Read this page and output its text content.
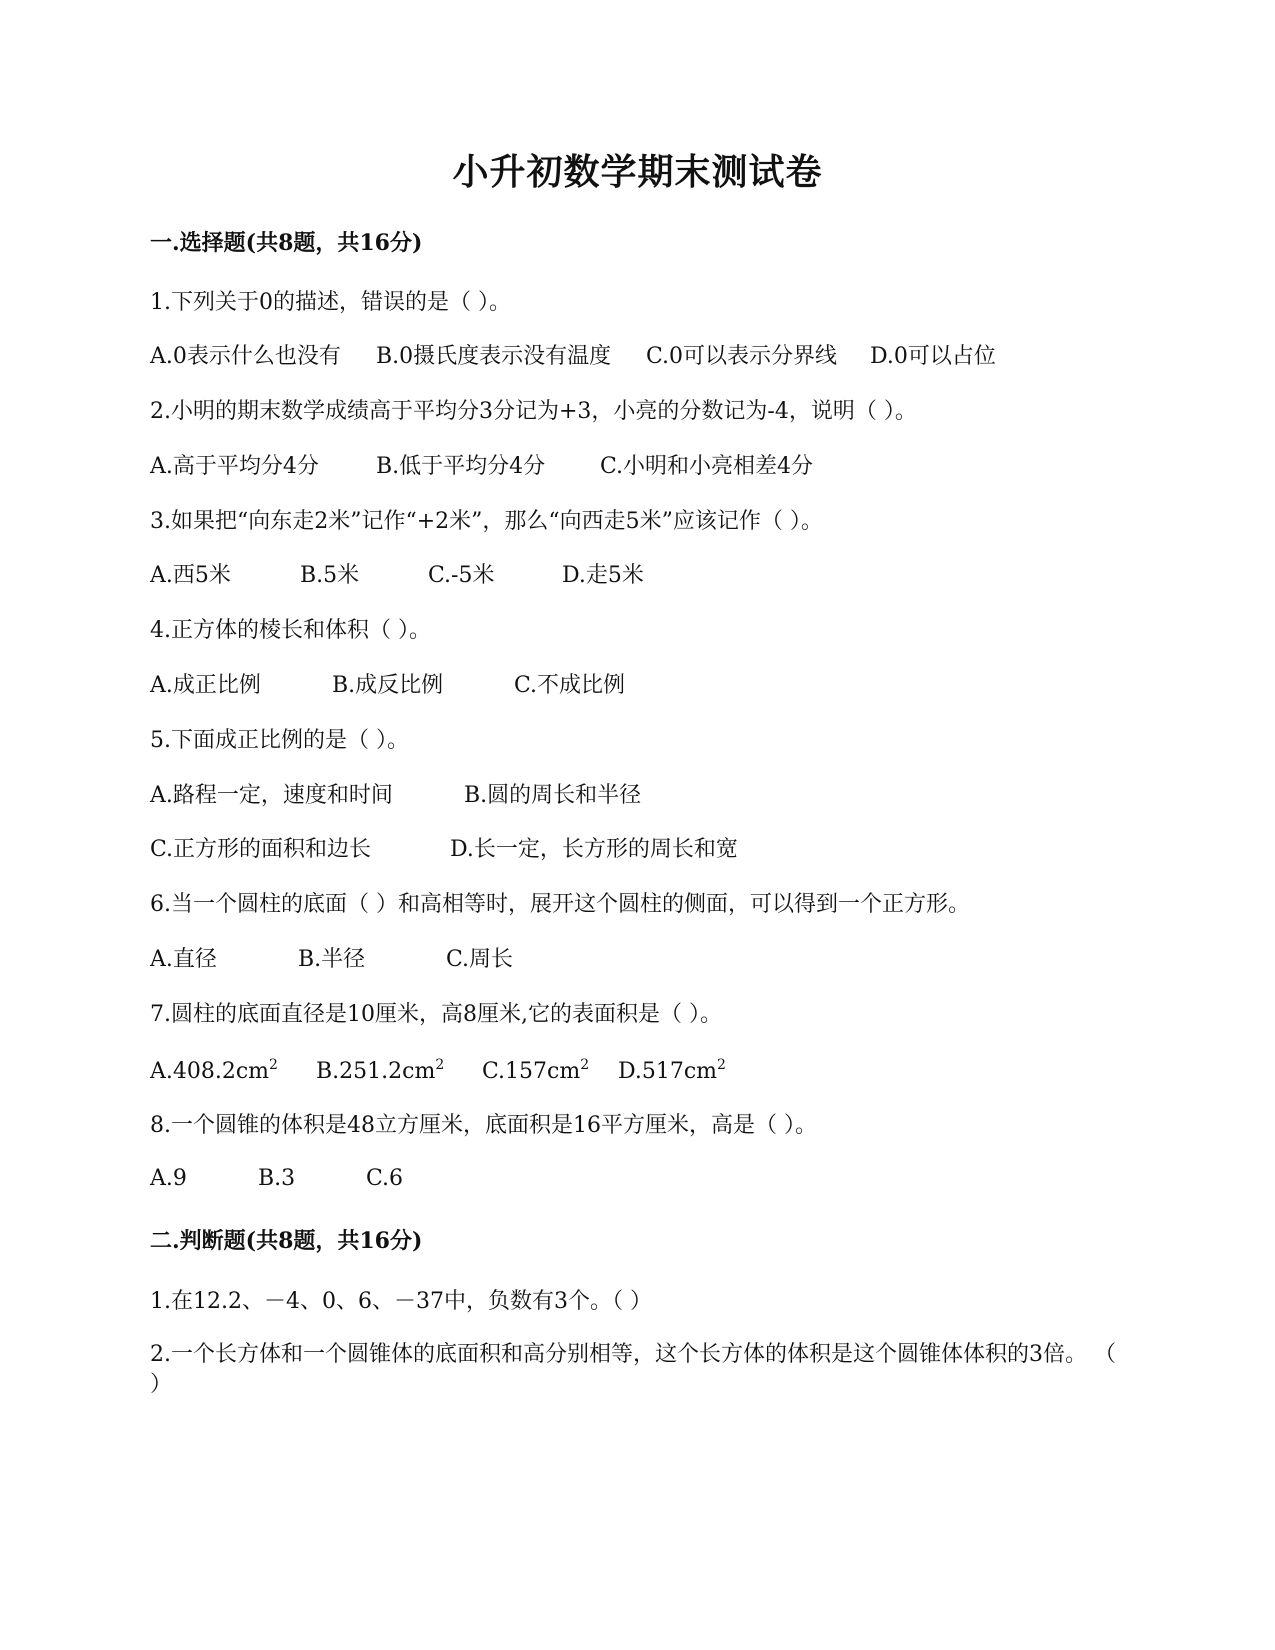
小升初数学期末测试卷
一.选择题(共8题，共16分)
1.下列关于0的描述，错误的是（ ）。
A.0表示什么也没有 B.0摄氏度表示没有温度 C.0可以表示分界线 D.0可以占位
2.小明的期末数学成绩高于平均分3分记为+3，小亮的分数记为-4，说明（ ）。
A.高于平均分4分	B.低于平均分4分 C.小明和小亮相差4分
3.如果把“向东走2米”记作“+2米”，那么“向西走5米”应该记作（ ）。
A.西5米	B.5米	C.-5米	D.走5米
4.正方体的棱长和体积（ ）。
A.成正比例	B.成反比例	C.不成比例
5.下面成正比例的是（ ）。
A.路程一定，速度和时间	B.圆的周长和半径
C.正方形的面积和边长	D.长一定，长方形的周长和宽
6.当一个圆柱的底面（ ）和高相等时，展开这个圆柱的侧面，可以得到一个正方形。
A.直径	B.半径	C.周长
7.圆柱的底面直径是10厘米，高8厘米,它的表面积是（ ）。
$A.408.2cm^2$ $B.251.2cm^2$ $C.157cm^2$ $D.517cm^2$
8.一个圆锥的体积是48立方厘米，底面积是16平方厘米，高是（ ）。
A.9	B.3	C.6
二.判断题(共8题，共16分)
1.在12.2、－4、0、6、－37中，负数有3个。（ ）
2.一个长方体和一个圆锥体的底面积和高分别相等，这个长方体的体积是这个圆锥体体积的3倍。 （ ）
